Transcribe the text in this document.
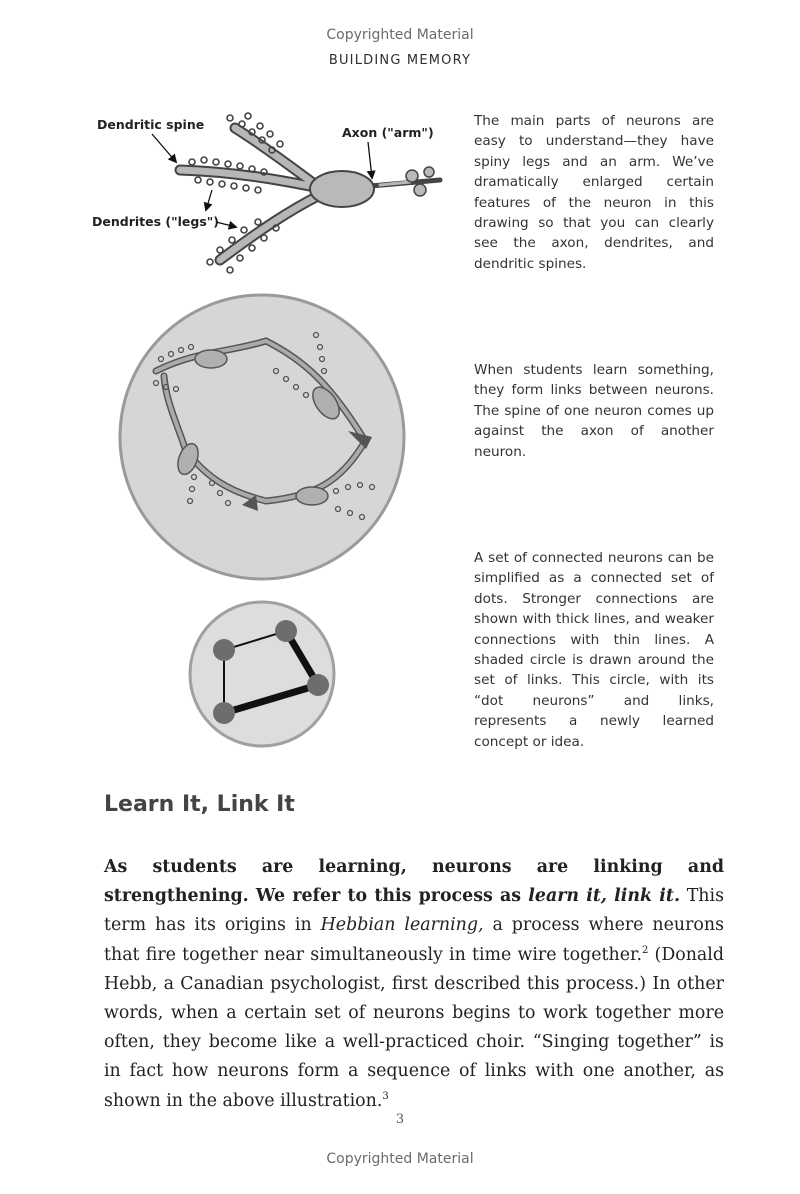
Copyrighted Material
BUILDING MEMORY
Dendritic spine
Axon ("arm")
Dendrites ("legs")
The main parts of neurons are easy to understand—they have spiny legs and an arm. We’ve dramatically enlarged certain features of the neuron in this drawing so that you can clearly see the axon, dendrites, and dendritic spines.
When students learn something, they form links between neurons. The spine of one neuron comes up against the axon of another neuron.
A set of connected neurons can be simplified as a connected set of dots. Stronger connections are shown with thick lines, and weaker connections with thin lines. A shaded circle is drawn around the set of links. This circle, with its “dot neurons” and links, represents a newly learned concept or idea.
Learn It, Link It

As students are learning, neurons are linking and strengthening. We refer to this process as learn it, link it. This term has its origins in Hebbian learning, a process where neurons that fire together near simultaneously in time wire together.$^2$ (Donald Hebb, a Canadian psychologist, first described this process.) In other words, when a certain set of neurons begins to work together more often, they become like a well-practiced choir. “Singing together” is in fact how neurons form a sequence of links with one another, as shown in the above illustration.$^3$

3
Copyrighted Material
